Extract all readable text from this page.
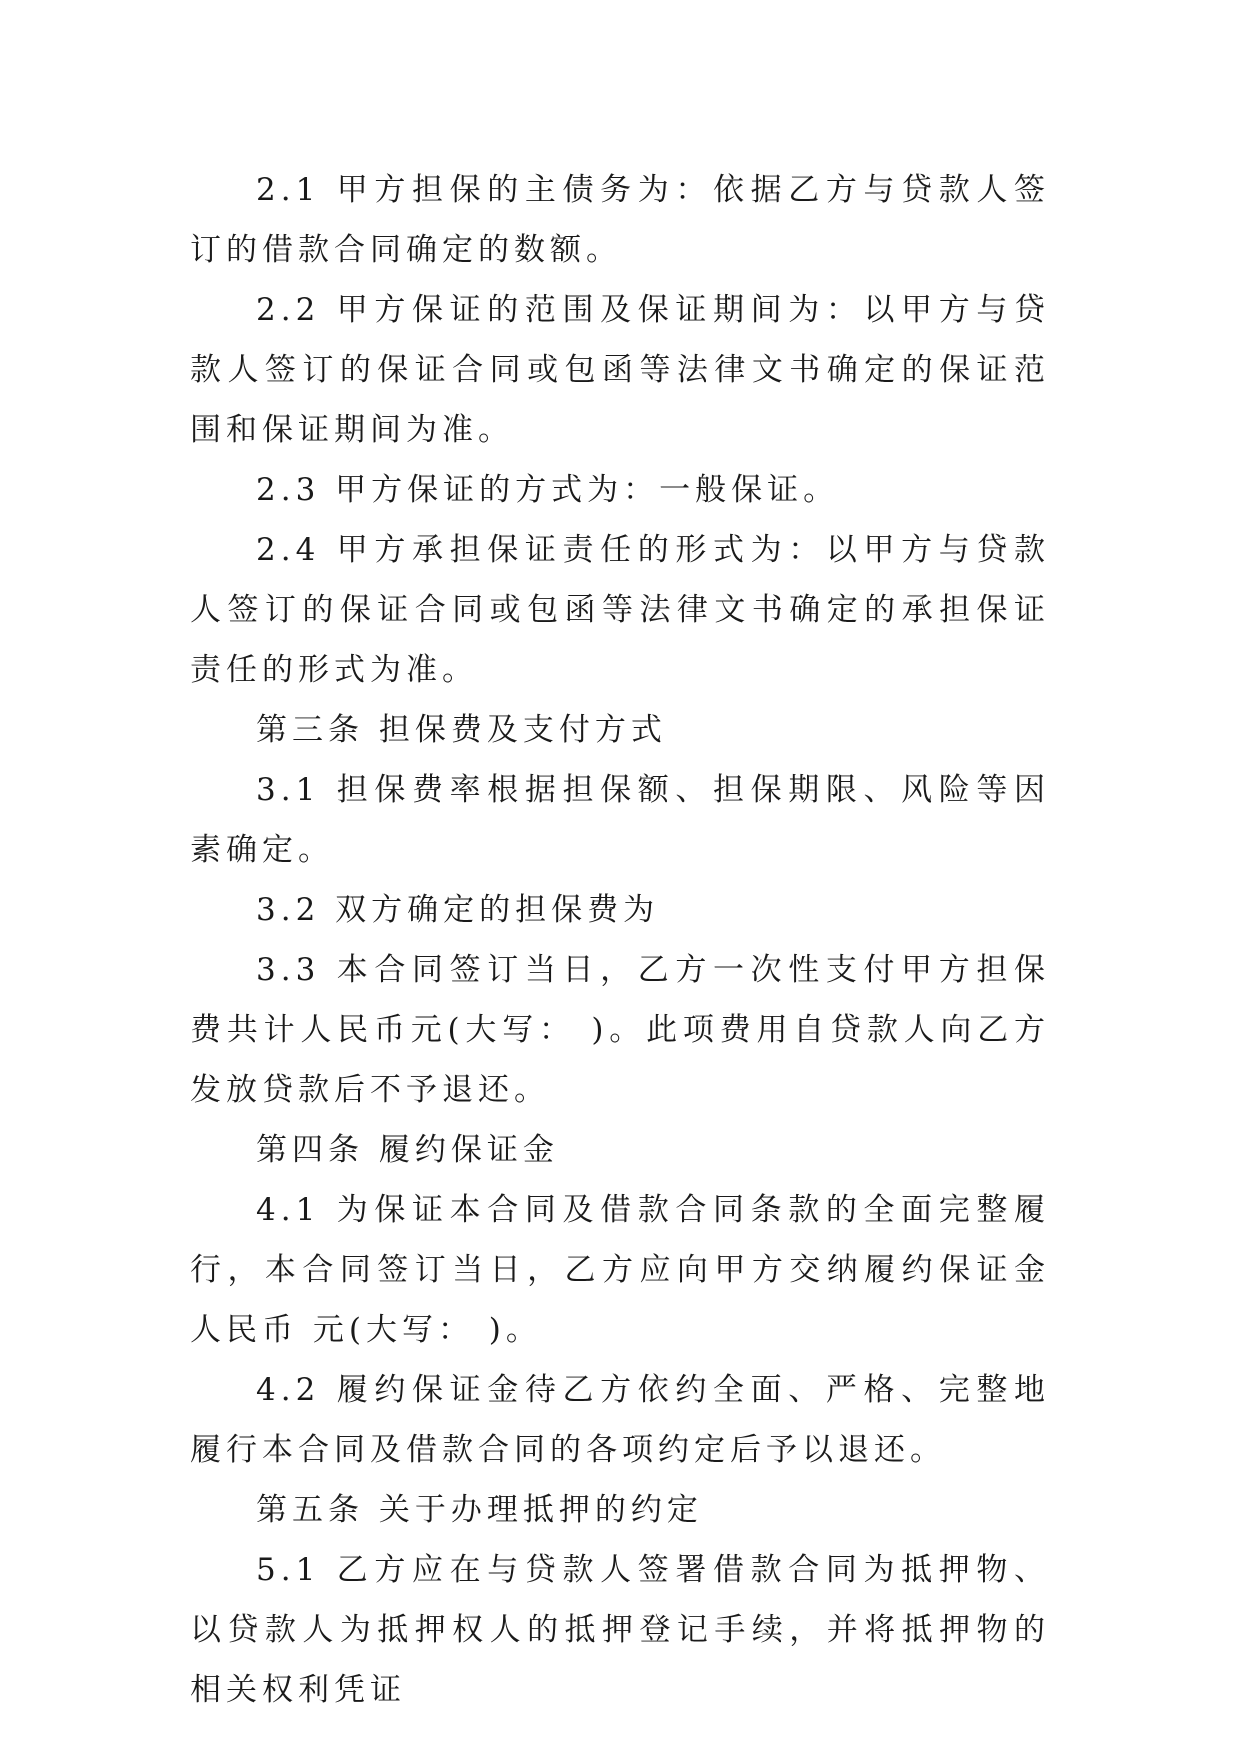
2.1 甲方担保的主债务为：依据乙方与贷款人签订的借款合同确定的数额。

2.2 甲方保证的范围及保证期间为：以甲方与贷款人签订的保证合同或包函等法律文书确定的保证范围和保证期间为准。

2.3 甲方保证的方式为：一般保证。

2.4 甲方承担保证责任的形式为：以甲方与贷款人签订的保证合同或包函等法律文书确定的承担保证责任的形式为准。

第三条 担保费及支付方式

3.1 担保费率根据担保额、担保期限、风险等因素确定。

3.2 双方确定的担保费为

3.3 本合同签订当日，乙方一次性支付甲方担保费共计人民币元(大写： )。此项费用自贷款人向乙方发放贷款后不予退还。

第四条 履约保证金

4.1 为保证本合同及借款合同条款的全面完整履行，本合同签订当日，乙方应向甲方交纳履约保证金人民币 元(大写： )。

4.2 履约保证金待乙方依约全面、严格、完整地履行本合同及借款合同的各项约定后予以退还。

第五条 关于办理抵押的约定

5.1 乙方应在与贷款人签署借款合同为抵押物、以贷款人为抵押权人的抵押登记手续，并将抵押物的相关权利凭证
